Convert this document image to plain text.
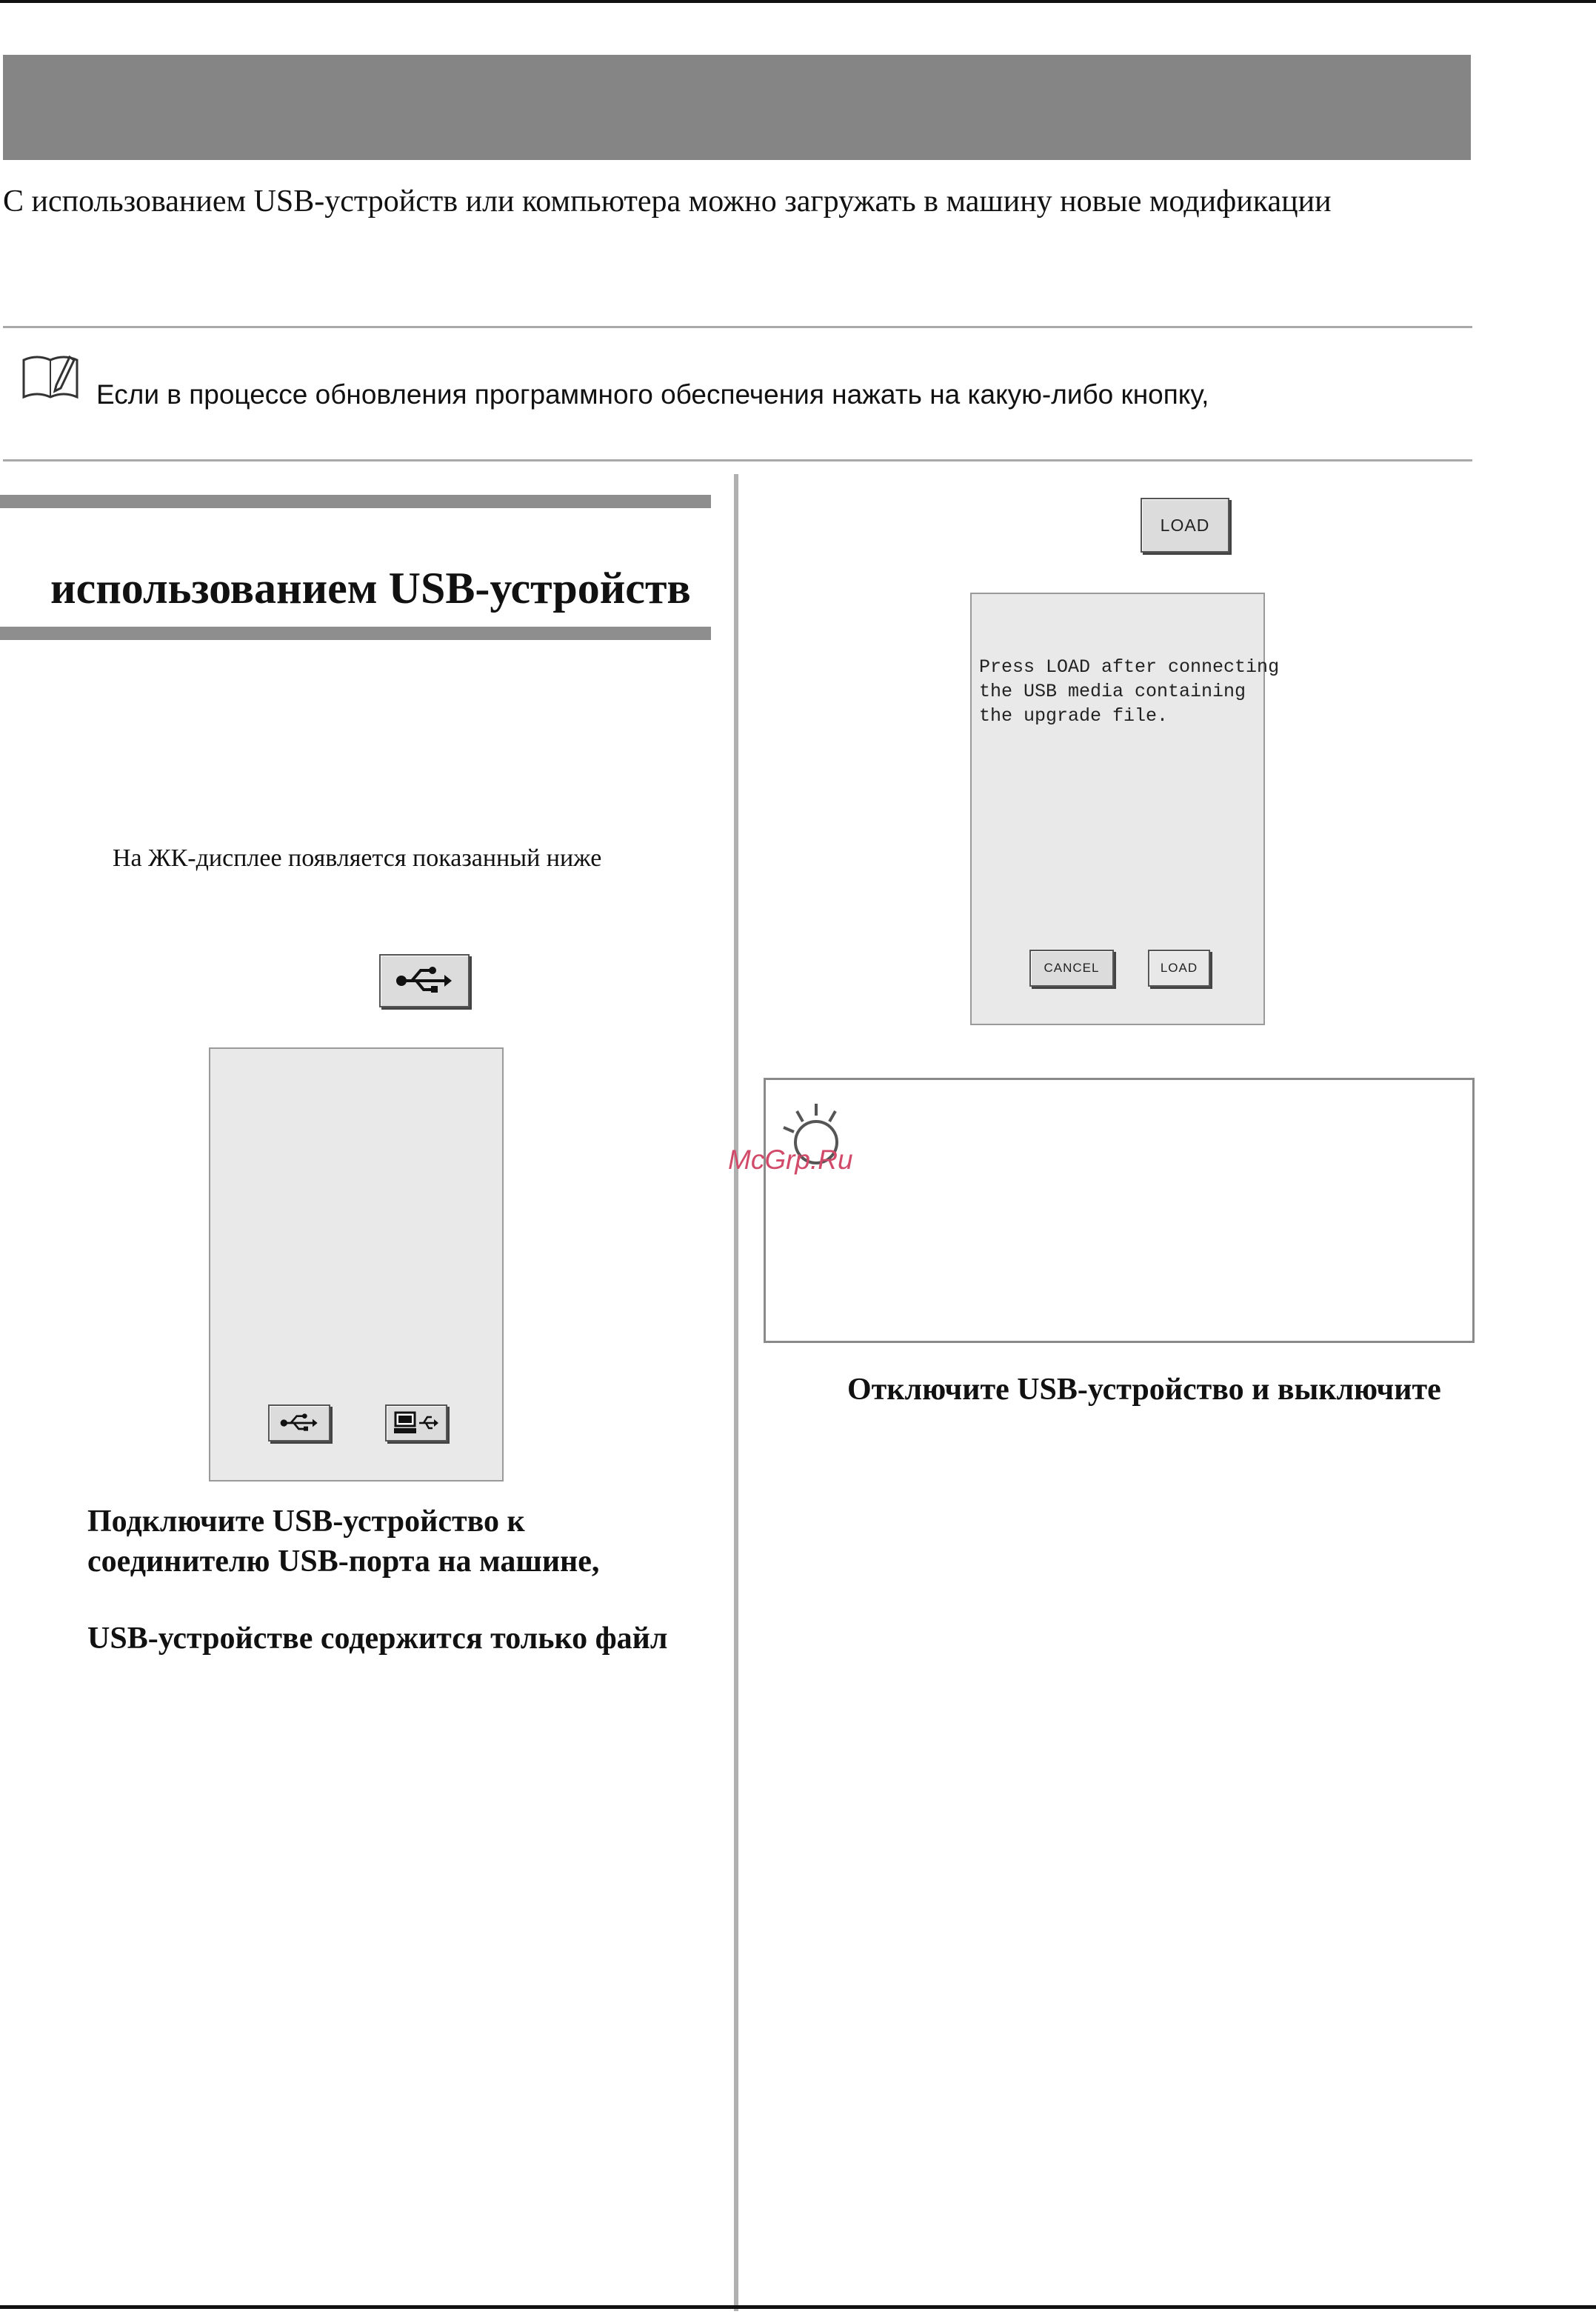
С использованием USB-устройств или компьютера можно загружать в машину новые модификации
Если в процессе обновления программного обеспечения нажать на какую-либо кнопку,
использованием USB-устройств
На ЖК-дисплее появляется показанный ниже
Подключите USB-устройство к
соединителю USB-порта на машине,
USB-устройстве содержится только файл
LOAD
Press LOAD after connecting
the USB media containing
the upgrade file.
CANCEL	LOAD
McGrp.Ru
Отключите USB-устройство и выключите
